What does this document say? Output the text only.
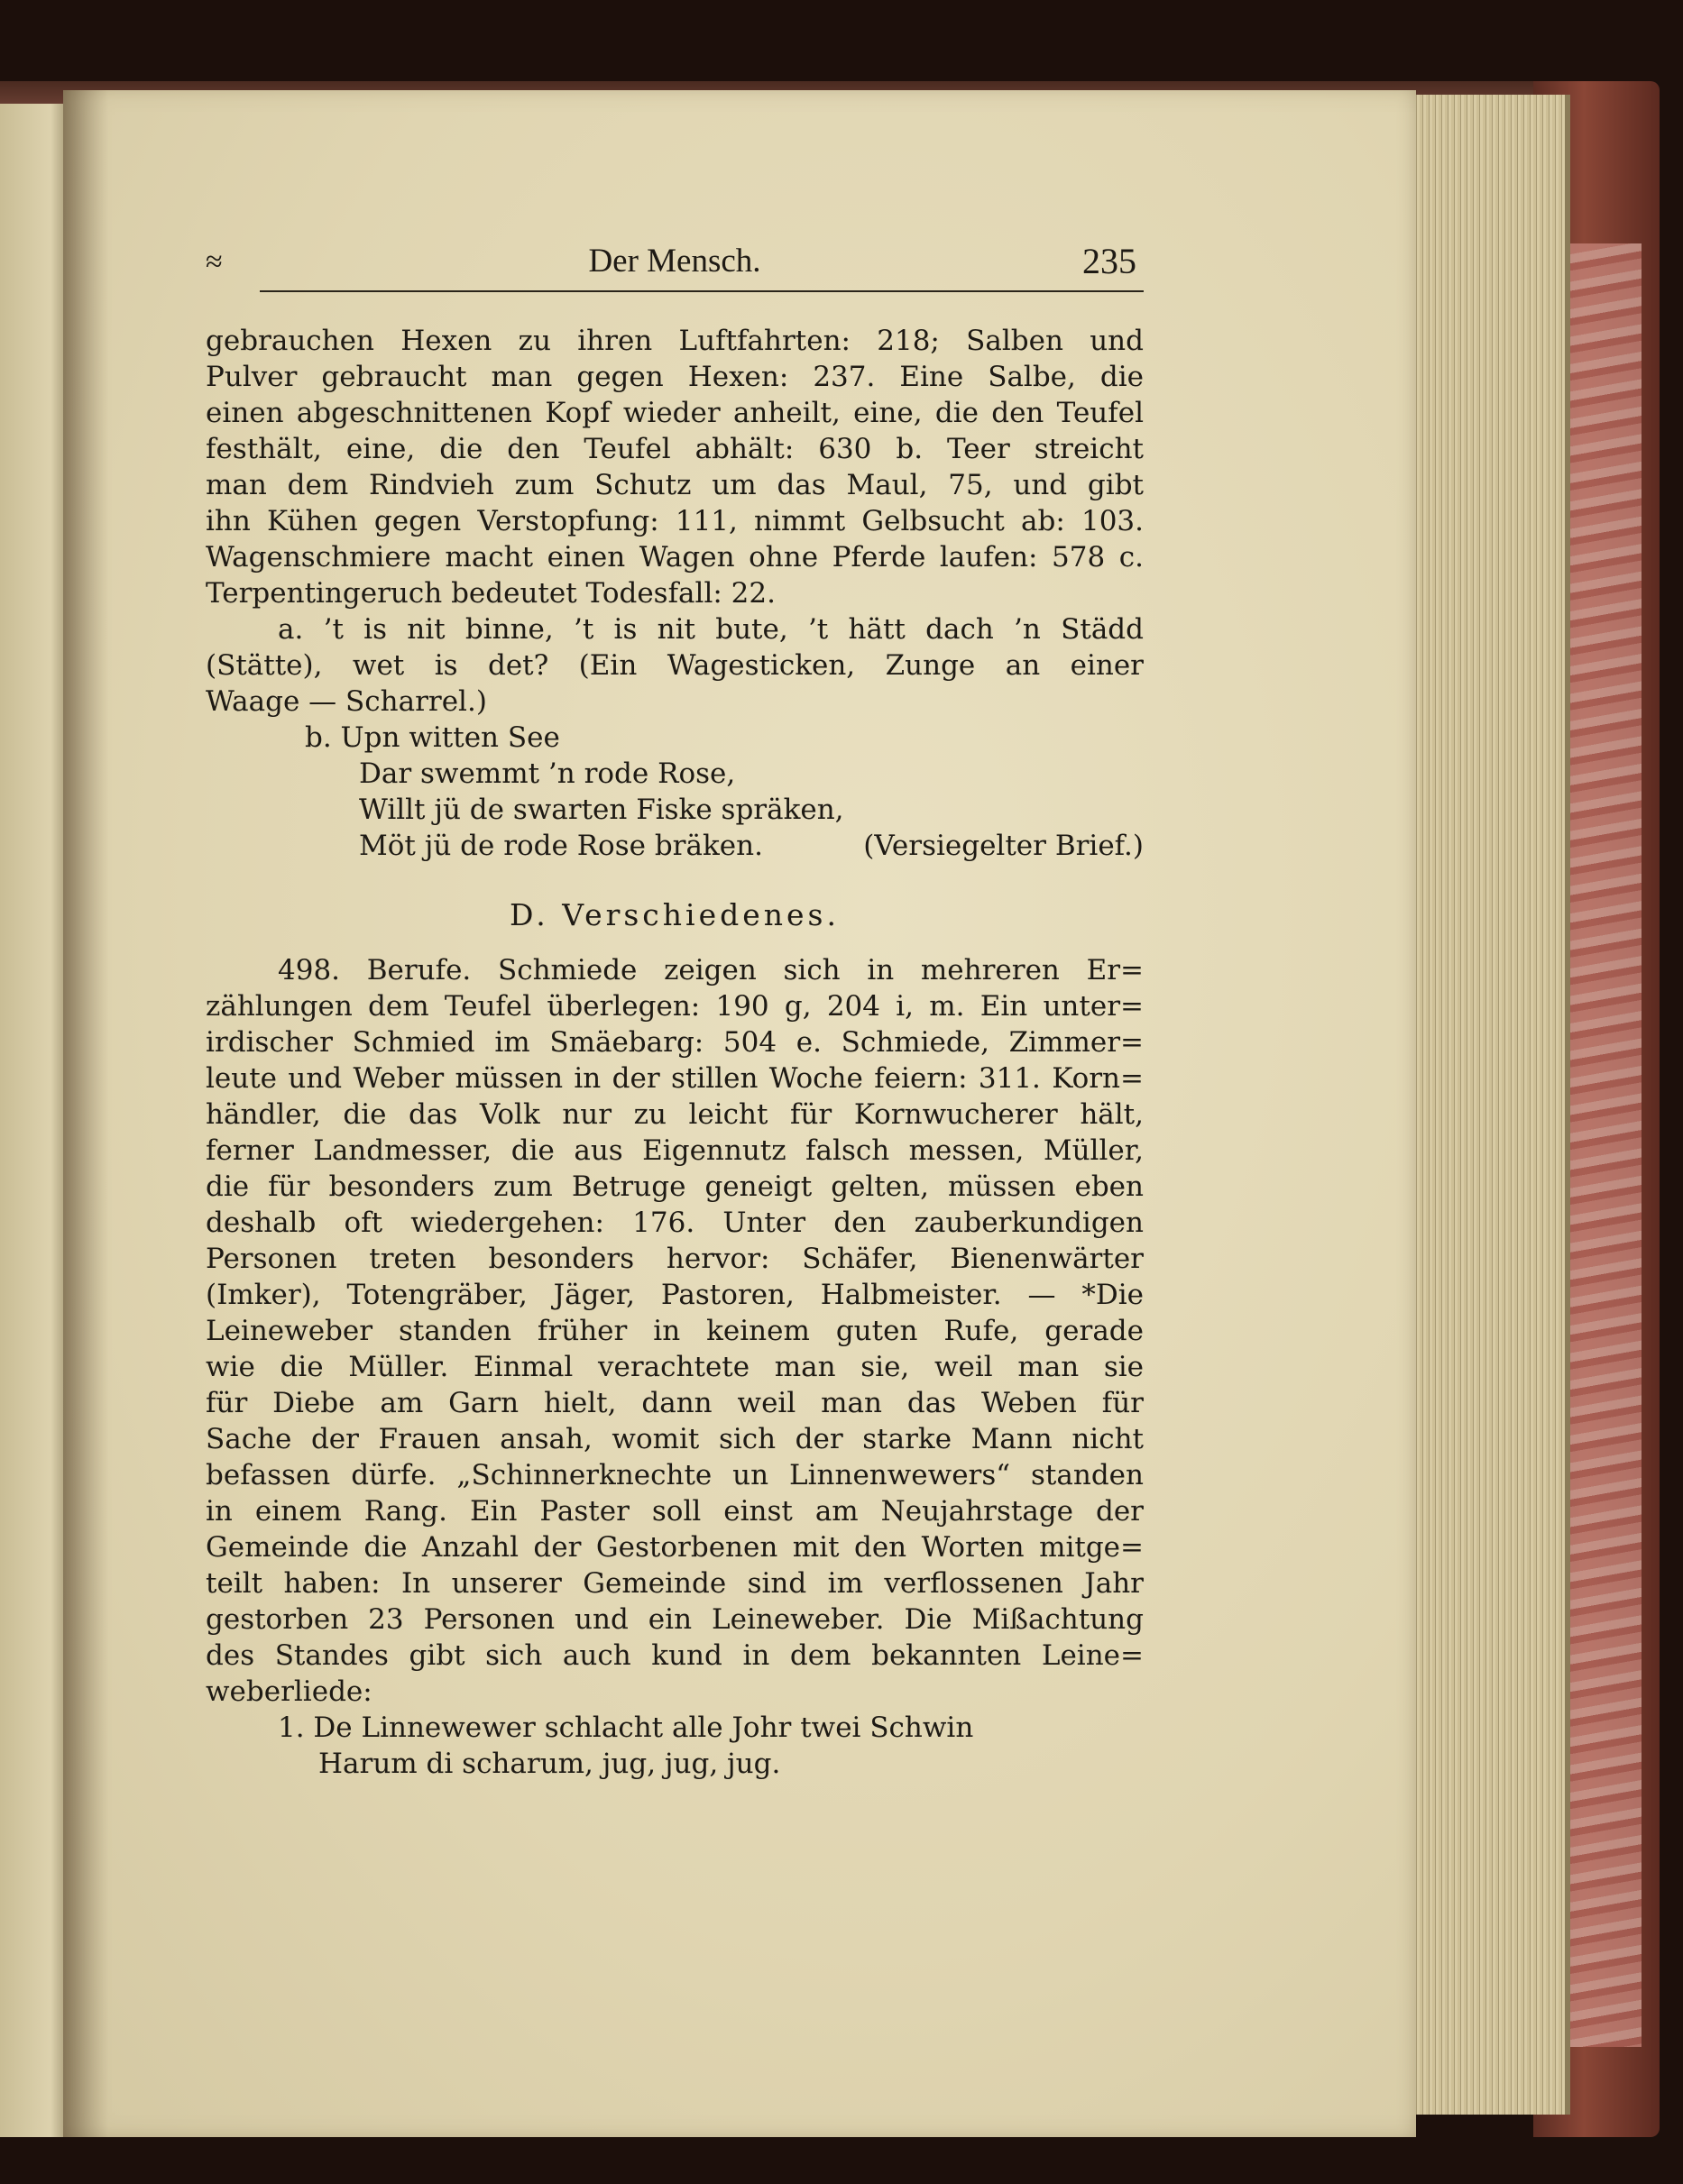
≈	Der Mensch.	235
gebrauchen Hexen zu ihren Luftfahrten: 218; Salben und
Pulver gebraucht man gegen Hexen: 237. Eine Salbe, die
einen abgeschnittenen Kopf wieder anheilt, eine, die den Teufel
festhält, eine, die den Teufel abhält: 630 b. Teer streicht
man dem Rindvieh zum Schutz um das Maul, 75, und gibt
ihn Kühen gegen Verstopfung: 111, nimmt Gelbsucht ab: 103.
Wagenschmiere macht einen Wagen ohne Pferde laufen: 578 c.
Terpentingeruch bedeutet Todesfall: 22.
a. ’t is nit binne, ’t is nit bute, ’t hätt dach ’n Städd
(Stätte), wet is det? (Ein Wagesticken, Zunge an einer
Waage — Scharrel.)
b. Upn witten See
Dar swemmt ’n rode Rose,
Willt jü de swarten Fiske spräken,
Möt jü de rode Rose bräken.	(Versiegelter Brief.)
D. Verschiedenes.
498. Berufe. Schmiede zeigen sich in mehreren Er=
zählungen dem Teufel überlegen: 190 g, 204 i, m. Ein unter=
irdischer Schmied im Smäebarg: 504 e. Schmiede, Zimmer=
leute und Weber müssen in der stillen Woche feiern: 311. Korn=
händler, die das Volk nur zu leicht für Kornwucherer hält,
ferner Landmesser, die aus Eigennutz falsch messen, Müller,
die für besonders zum Betruge geneigt gelten, müssen eben
deshalb oft wiedergehen: 176. Unter den zauberkundigen
Personen treten besonders hervor: Schäfer, Bienenwärter
(Imker), Totengräber, Jäger, Pastoren, Halbmeister. — *Die
Leineweber standen früher in keinem guten Rufe, gerade
wie die Müller. Einmal verachtete man sie, weil man sie
für Diebe am Garn hielt, dann weil man das Weben für
Sache der Frauen ansah, womit sich der starke Mann nicht
befassen dürfe. „Schinnerknechte un Linnenwewers“ standen
in einem Rang. Ein Paster soll einst am Neujahrstage der
Gemeinde die Anzahl der Gestorbenen mit den Worten mitge=
teilt haben: In unserer Gemeinde sind im verflossenen Jahr
gestorben 23 Personen und ein Leineweber. Die Mißachtung
des Standes gibt sich auch kund in dem bekannten Leine=
weberliede:
1. De Linnewewer schlacht alle Johr twei Schwin
Harum di scharum, jug, jug, jug.
